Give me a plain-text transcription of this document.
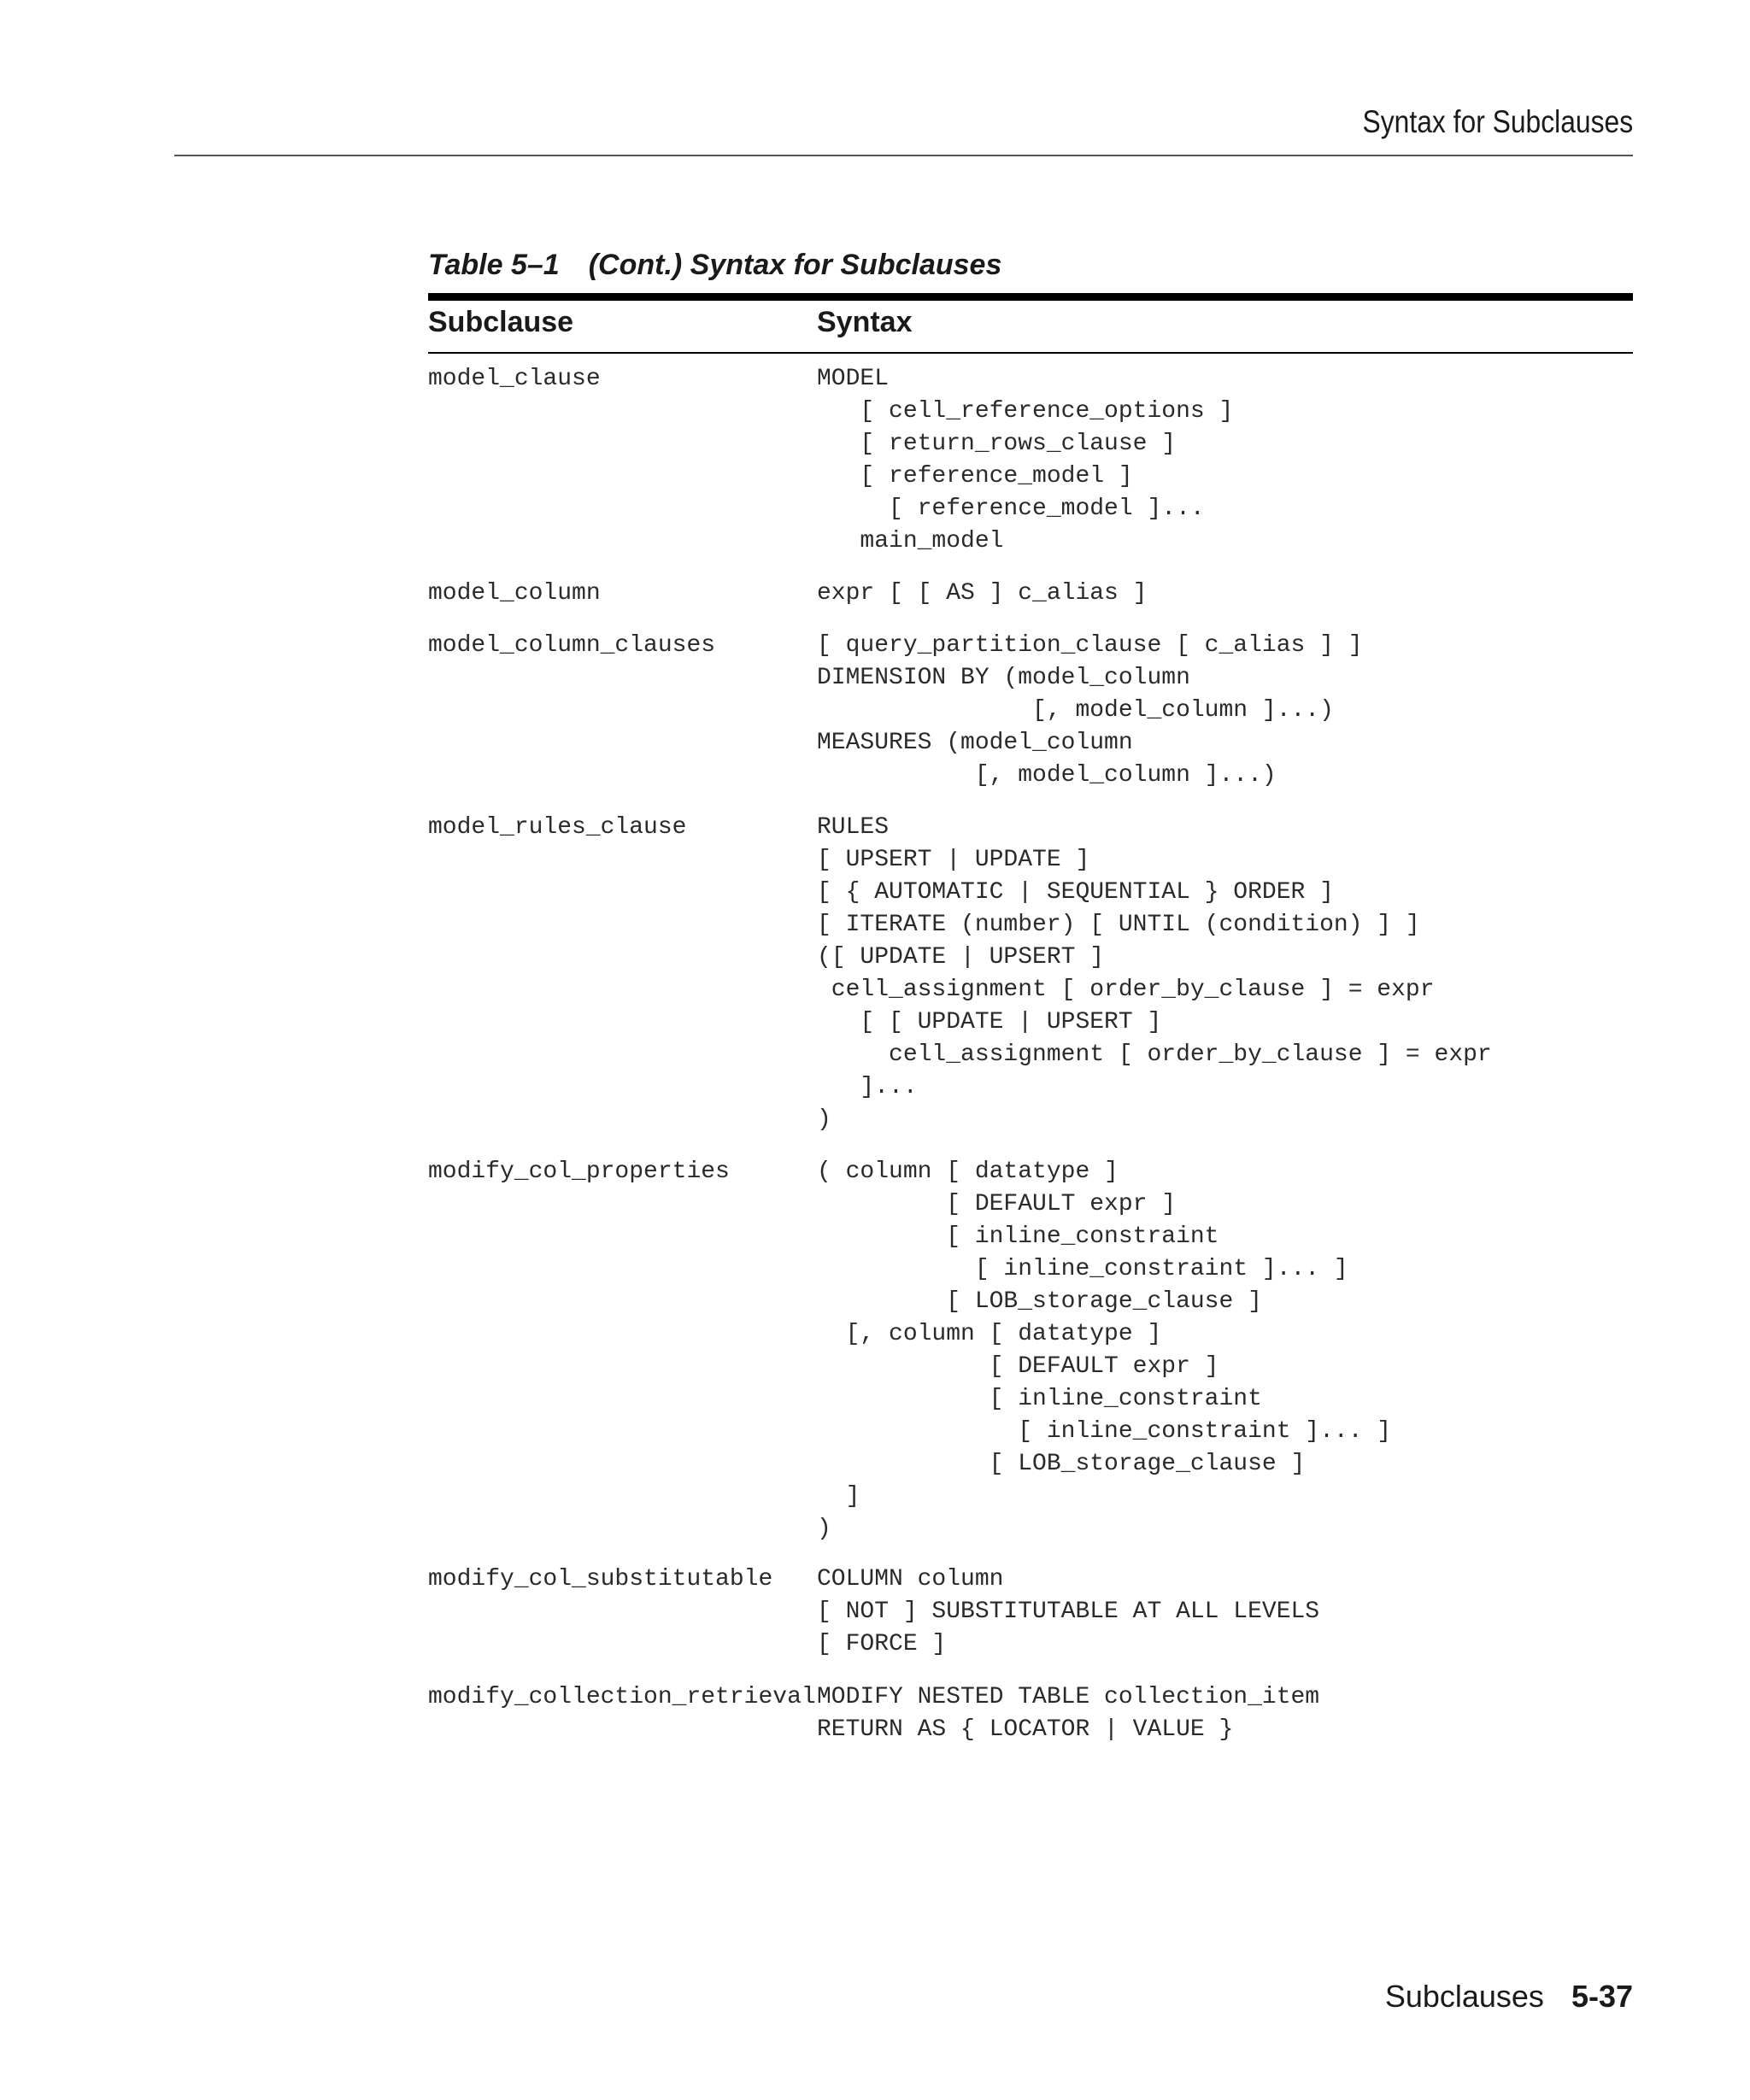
Syntax for Subclauses
Table 5–1 (Cont.) Syntax for Subclauses
Subclause	Syntax
model_clause	MODEL
[ cell_reference_options ]
[ return_rows_clause ]
[ reference_model ]
[ reference_model ]...
main_model
model_column	expr [ [ AS ] c_alias ]
model_column_clauses	[ query_partition_clause [ c_alias ] ]
DIMENSION BY (model_column
[, model_column ]...)
MEASURES (model_column
[, model_column ]...)
model_rules_clause	RULES
[ UPSERT | UPDATE ]
[ { AUTOMATIC | SEQUENTIAL } ORDER ]
[ ITERATE (number) [ UNTIL (condition) ] ]
([ UPDATE | UPSERT ]
cell_assignment [ order_by_clause ] = expr
[ [ UPDATE | UPSERT ]
cell_assignment [ order_by_clause ] = expr
]...
)
modify_col_properties	( column [ datatype ]
[ DEFAULT expr ]
[ inline_constraint
[ inline_constraint ]... ]
[ LOB_storage_clause ]
[, column [ datatype ]
[ DEFAULT expr ]
[ inline_constraint
[ inline_constraint ]... ]
[ LOB_storage_clause ]
]
)
modify_col_substitutable COLUMN column
[ NOT ] SUBSTITUTABLE AT ALL LEVELS
[ FORCE ]
modify_collection_retrieval MODIFY NESTED TABLE collection_item
RETURN AS { LOCATOR | VALUE }
Subclauses 5-37
